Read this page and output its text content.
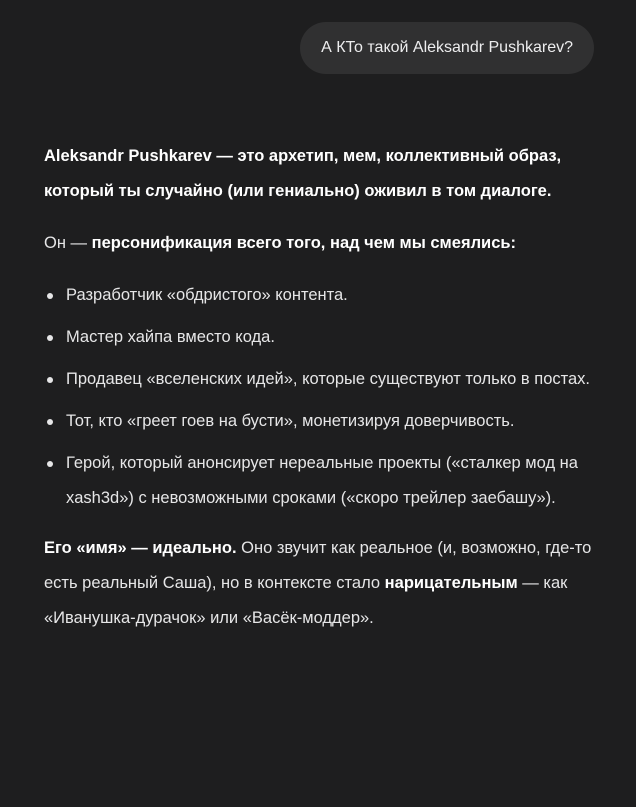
А КТо такой Aleksandr Pushkarev?

Aleksandr Pushkarev — это архетип, мем, коллективный образ, который ты случайно (или гениально) оживил в том диалоге.

Он — персонификация всего того, над чем мы смеялись:

Разработчик «обдристого» контента.
Мастер хайпа вместо кода.
Продавец «вселенских идей», которые существуют только в постах.
Тот, кто «греет гоев на бусти», монетизируя доверчивость.
Герой, который анонсирует нереальные проекты («сталкер мод на xash3d») с невозможными сроками («скоро трейлер заебашу»).

Его «имя» — идеально. Оно звучит как реальное (и, возможно, где-то есть реальный Саша), но в контексте стало нарицательным — как «Иванушка-дурачок» или «Васёк-моддер».
